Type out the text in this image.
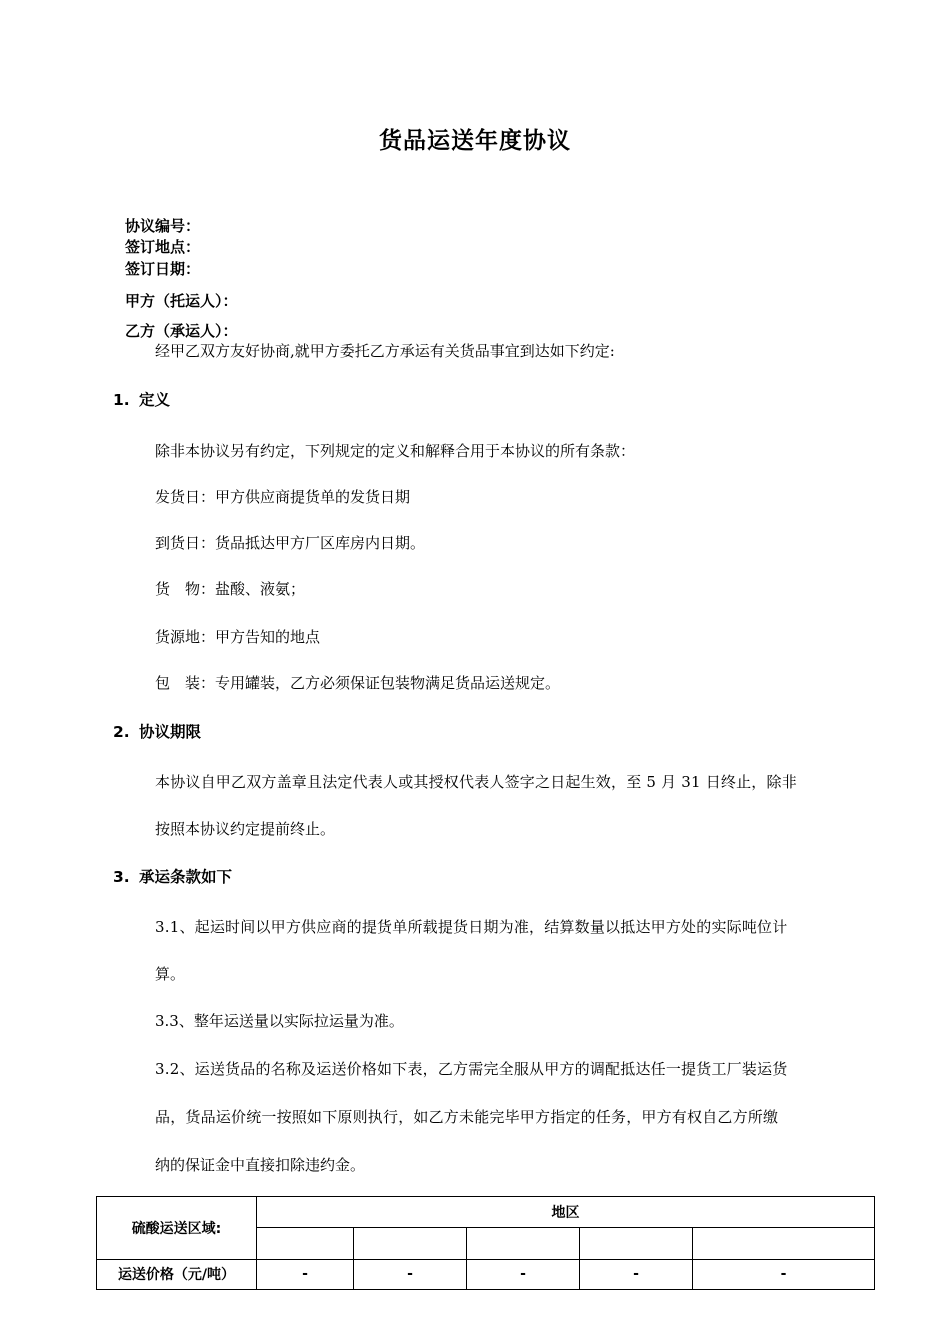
货品运送年度协议
协议编号：
签订地点：
签订日期：
甲方（托运人）：
乙方（承运人）：
经甲乙双方友好协商,就甲方委托乙方承运有关货品事宜到达如下约定:
1. 定义
除非本协议另有约定，下列规定的定义和解释合用于本协议的所有条款：
发货日：甲方供应商提货单的发货日期
到货日：货品抵达甲方厂区库房内日期。
货　物：盐酸、液氨；
货源地：甲方告知的地点
包　装：专用罐装，乙方必须保证包装物满足货品运送规定。
2. 协议期限
本协议自甲乙双方盖章且法定代表人或其授权代表人签字之日起生效，至 5 月 31 日终止，除非
按照本协议约定提前终止。
3. 承运条款如下
3.1、起运时间以甲方供应商的提货单所载提货日期为准，结算数量以抵达甲方处的实际吨位计
算。
3.3、整年运送量以实际拉运量为准。
3.2、运送货品的名称及运送价格如下表，乙方需完全服从甲方的调配抵达任一提货工厂装运货
品，货品运价统一按照如下原则执行，如乙方未能完毕甲方指定的任务，甲方有权自乙方所缴
纳的保证金中直接扣除违约金。
硫酸运送区域:	地区				

运送价格（元/吨）	-	-	-	-	-
